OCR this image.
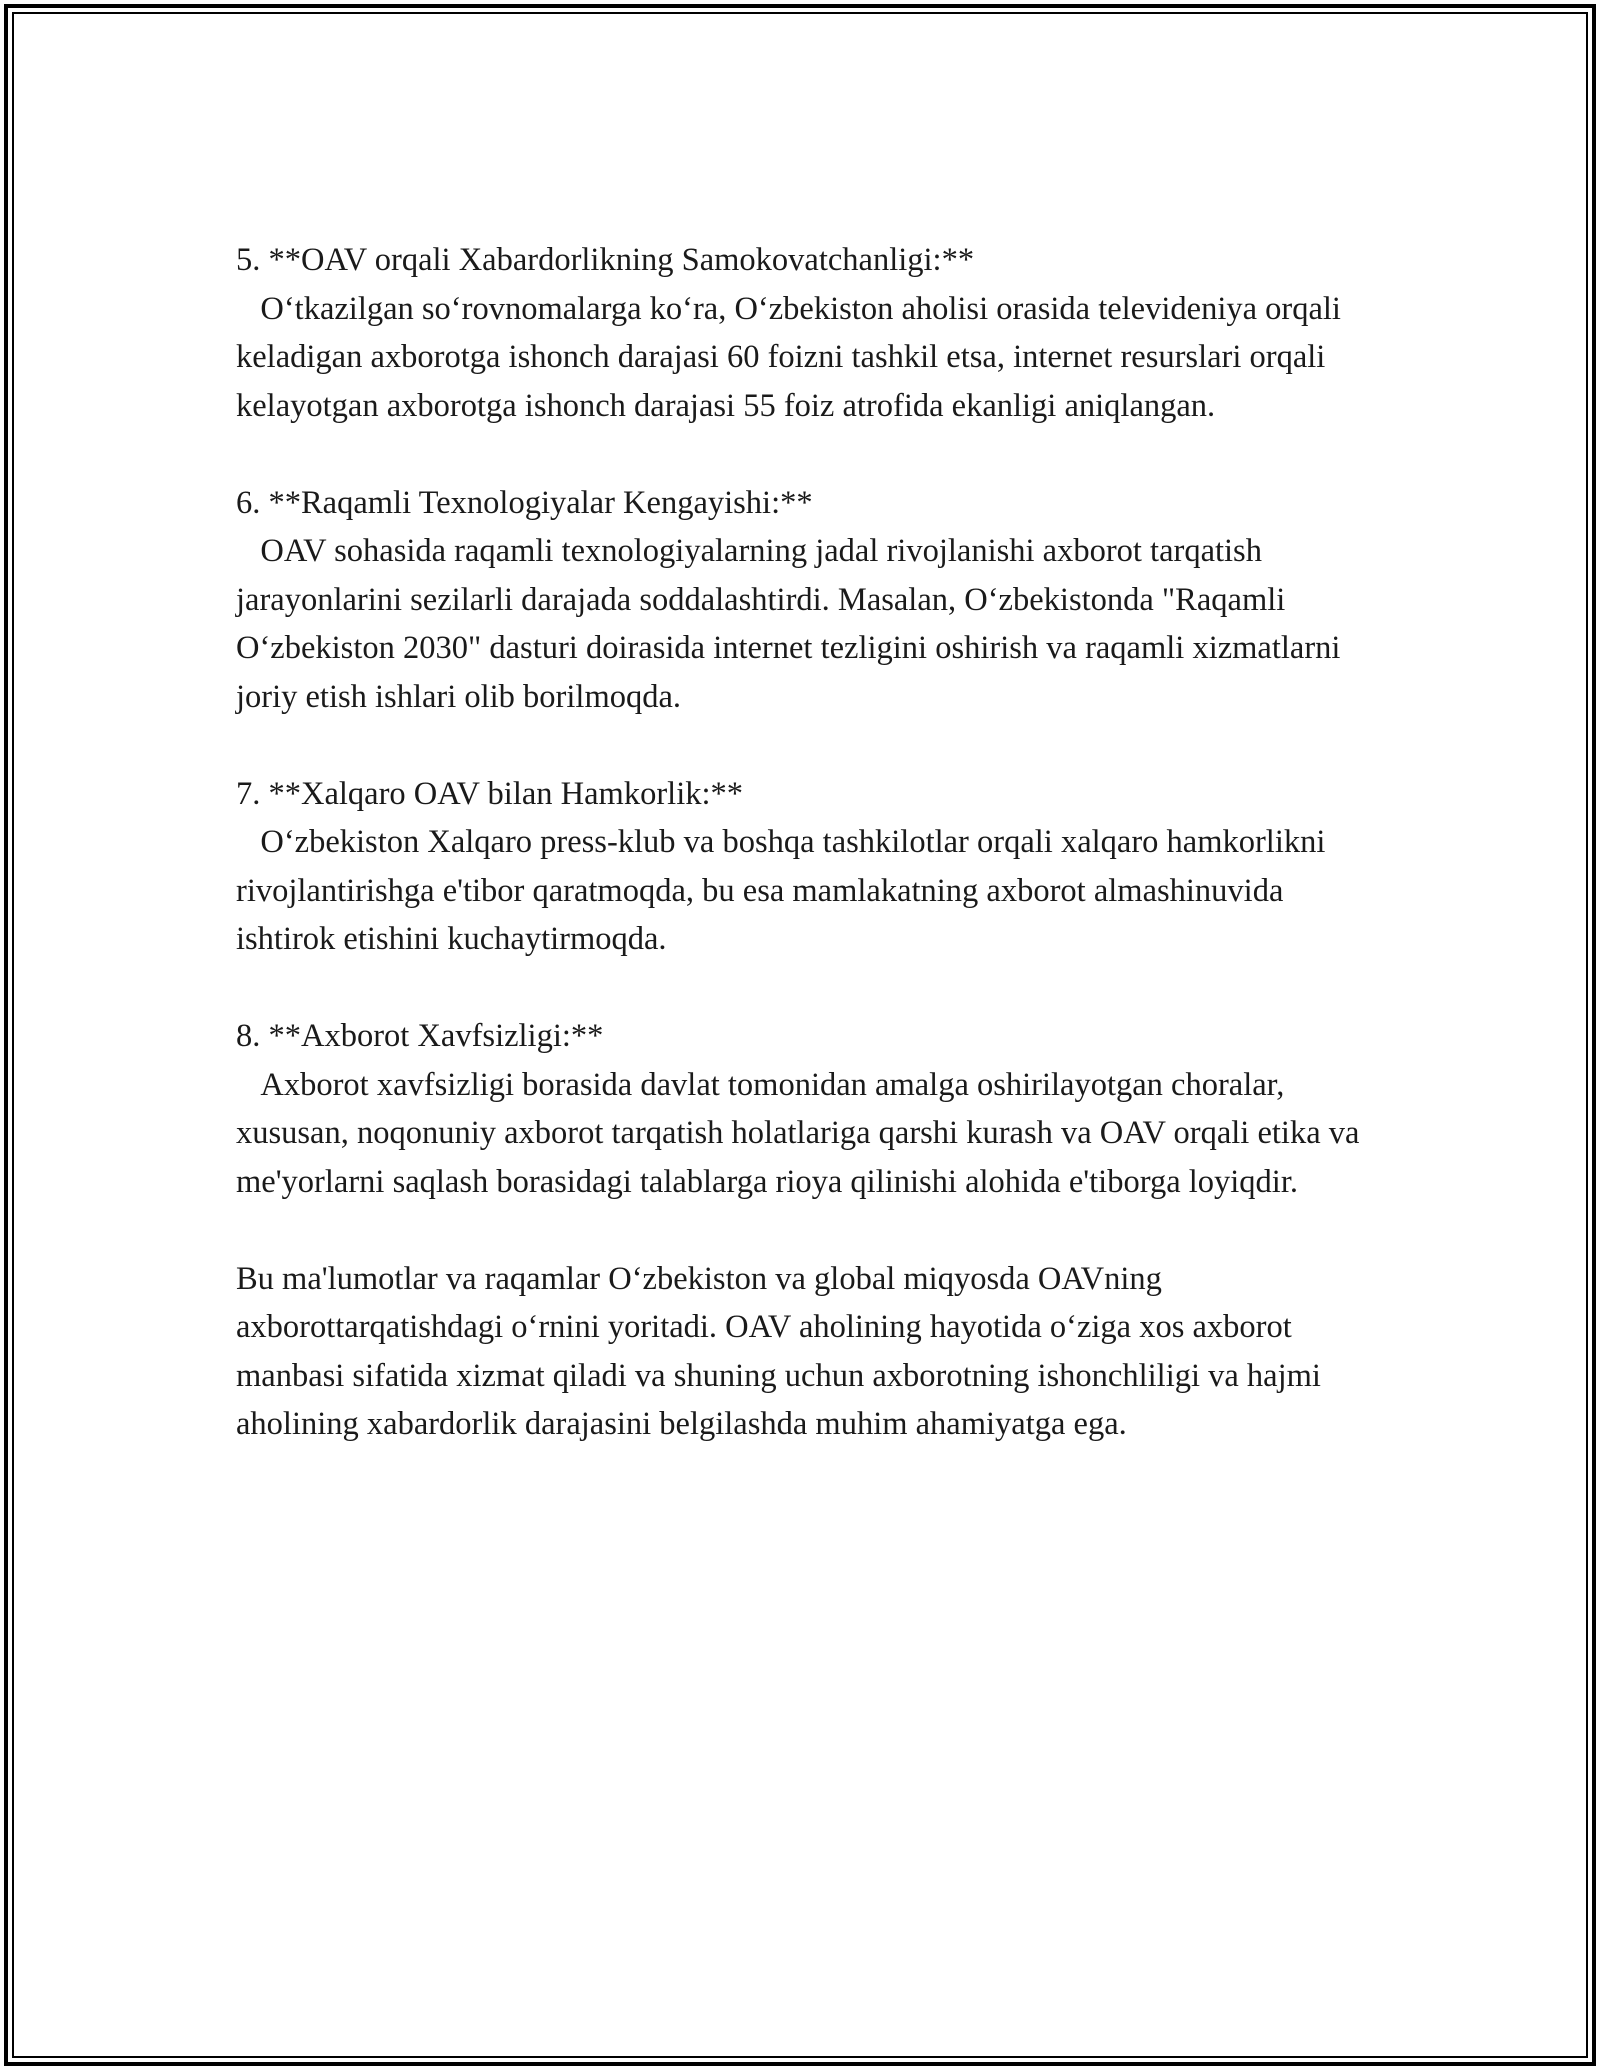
5. **OAV orqali Xabardorlikning Samokovatchanligi:**
O‘tkazilgan so‘rovnomalarga ko‘ra, O‘zbekiston aholisi orasida televideniya orqali keladigan axborotga ishonch darajasi 60 foizni tashkil etsa, internet resurslari orqali kelayotgan axborotga ishonch darajasi 55 foiz atrofida ekanligi aniqlangan.
6. **Raqamli Texnologiyalar Kengayishi:**
OAV sohasida raqamli texnologiyalarning jadal rivojlanishi axborot tarqatish jarayonlarini sezilarli darajada soddalashtirdi. Masalan, O‘zbekistonda "Raqamli O‘zbekiston 2030" dasturi doirasida internet tezligini oshirish va raqamli xizmatlarni joriy etish ishlari olib borilmoqda.
7. **Xalqaro OAV bilan Hamkorlik:**
O‘zbekiston Xalqaro press-klub va boshqa tashkilotlar orqali xalqaro hamkorlikni rivojlantirishga e'tibor qaratmoqda, bu esa mamlakatning axborot almashinuvida ishtirok etishini kuchaytirmoqda.
8. **Axborot Xavfsizligi:**
Axborot xavfsizligi borasida davlat tomonidan amalga oshirilayotgan choralar, xususan, noqonuniy axborot tarqatish holatlariga qarshi kurash va OAV orqali etika va me'yorlarni saqlash borasidagi talablarga rioya qilinishi alohida e'tiborga loyiqdir.
Bu ma'lumotlar va raqamlar O‘zbekiston va global miqyosda OAVning axborottarqatishdagi o‘rnini yoritadi. OAV aholining hayotida o‘ziga xos axborot manbasi sifatida xizmat qiladi va shuning uchun axborotning ishonchliligi va hajmi aholining xabardorlik darajasini belgilashda muhim ahamiyatga ega.
